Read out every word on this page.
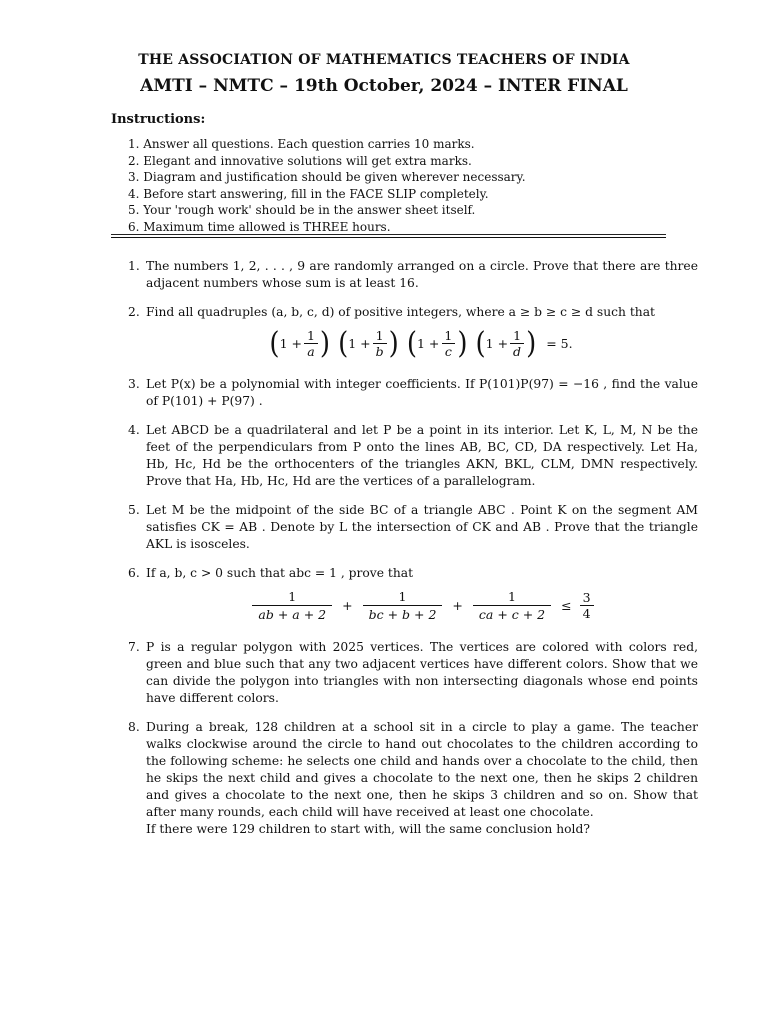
THE ASSOCIATION OF MATHEMATICS TEACHERS OF INDIA
AMTI – NMTC – 19th October, 2024 – INTER FINAL
Instructions:
1. Answer all questions. Each question carries 10 marks.
2. Elegant and innovative solutions will get extra marks.
3. Diagram and justification should be given wherever necessary.
4. Before start answering, fill in the FACE SLIP completely.
5. Your 'rough work' should be in the answer sheet itself.
6. Maximum time allowed is THREE hours.
1. The numbers 1, 2, . . . , 9 are randomly arranged on a circle. Prove that there are three adjacent numbers whose sum is at least 16.

2. Find all quadruples (a, b, c, d) of positive integers, where a ≥ b ≥ c ≥ d such that

( $1 + \frac{1}{a}$ ) ( $1 + \frac{1}{b}$ ) ( $1 + \frac{1}{c}$ ) ( $1 + \frac{1}{d}$ ) = 5.
3. Let P(x) be a polynomial with integer coefficients. If P(101)P(97) = −16 , find the value of P(101) + P(97) .

4. Let ABCD be a quadrilateral and let P be a point in its interior. Let K, L, M, N be the feet of the perpendiculars from P onto the lines AB, BC, CD, DA respectively. Let Ha, Hb, Hc, Hd be the orthocenters of the triangles AKN, BKL, CLM, DMN respectively. Prove that Ha, Hb, Hc, Hd are the vertices of a parallelogram.

5. Let M be the midpoint of the side BC of a triangle ABC . Point K on the segment AM satisfies CK = AB . Denote by L the intersection of CK and AB . Prove that the triangle AKL is isosceles.

6. If a, b, c > 0 such that abc = 1 , prove that

$\frac{1}{ab + a + 2} + \frac{1}{bc + b + 2} + \frac{1}{ca + c + 2} \le \frac{3}{4}$
7. P is a regular polygon with 2025 vertices. The vertices are colored with colors red, green and blue such that any two adjacent vertices have different colors. Show that we can divide the polygon into triangles with non intersecting diagonals whose end points have different colors.

8. During a break, 128 children at a school sit in a circle to play a game. The teacher walks clockwise around the circle to hand out chocolates to the children according to the following scheme: he selects one child and hands over a chocolate to the child, then he skips the next child and gives a chocolate to the next one, then he skips 2 children and gives a chocolate to the next one, then he skips 3 children and so on. Show that after many rounds, each child will have received at least one chocolate.

If there were 129 children to start with, will the same conclusion hold?
